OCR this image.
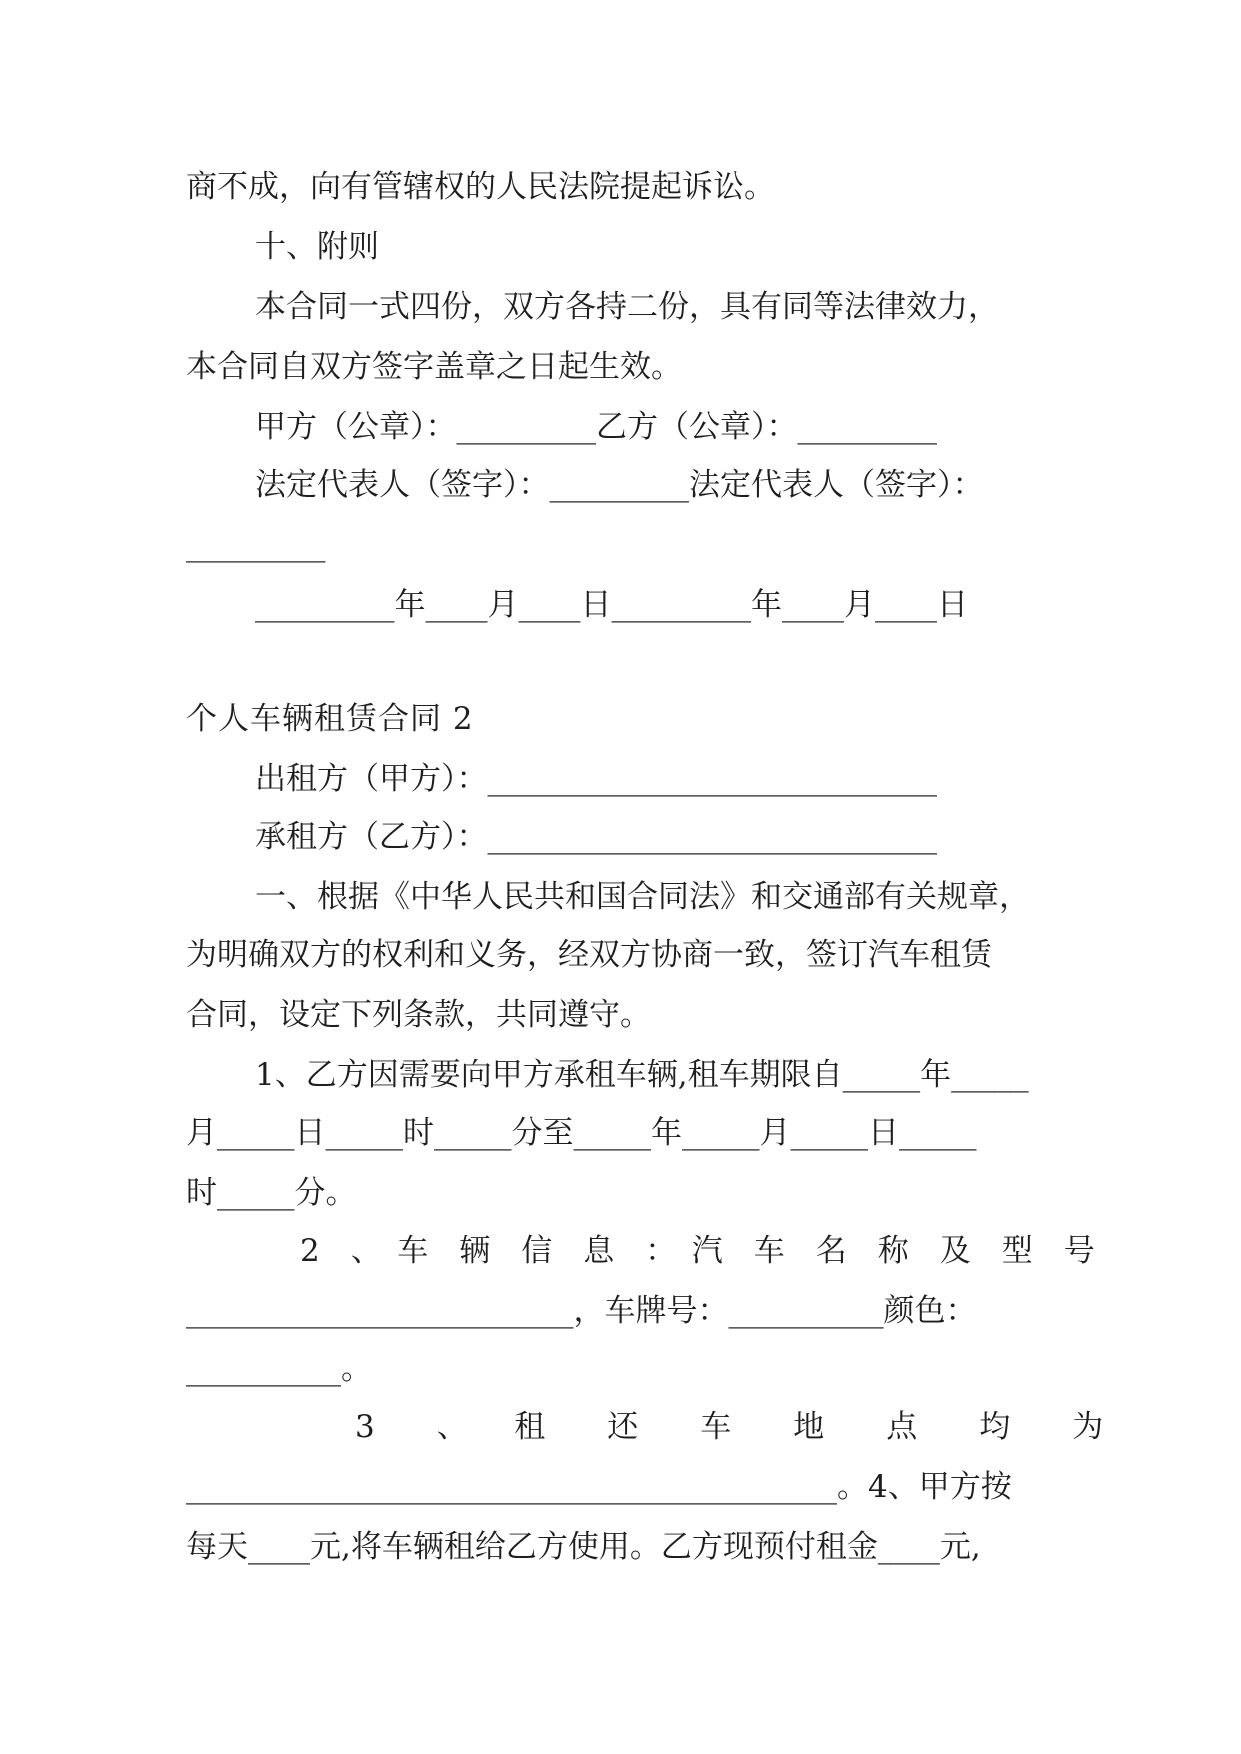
商不成，向有管辖权的人民法院提起诉讼。
十、附则
本合同一式四份，双方各持二份，具有同等法律效力，
本合同自双方签字盖章之日起生效。
甲方（公章）：_________乙方（公章）：_________
法定代表人（签字）：_________法定代表人（签字）：
_________
_________年____月____日_________年____月____日
个人车辆租赁合同 2
出租方（甲方）：_____________________________
承租方（乙方）：_____________________________
一、根据《中华人民共和国合同法》和交通部有关规章，
为明确双方的权利和义务，经双方协商一致，签订汽车租赁
合同，设定下列条款，共同遵守。
1、乙方因需要向甲方承租车辆,租车期限自_____年_____
月_____日_____时_____分至_____年_____月_____日_____
时_____分。
2　、　车　辆　信　息　：　汽　车　名　称　及　型　号
_________________________，车牌号：__________颜色：
__________。
3　　、　　租　　还　　车　　地　　点　　均　　为
__________________________________________。4、甲方按
每天____元,将车辆租给乙方使用。乙方现预付租金____元,
